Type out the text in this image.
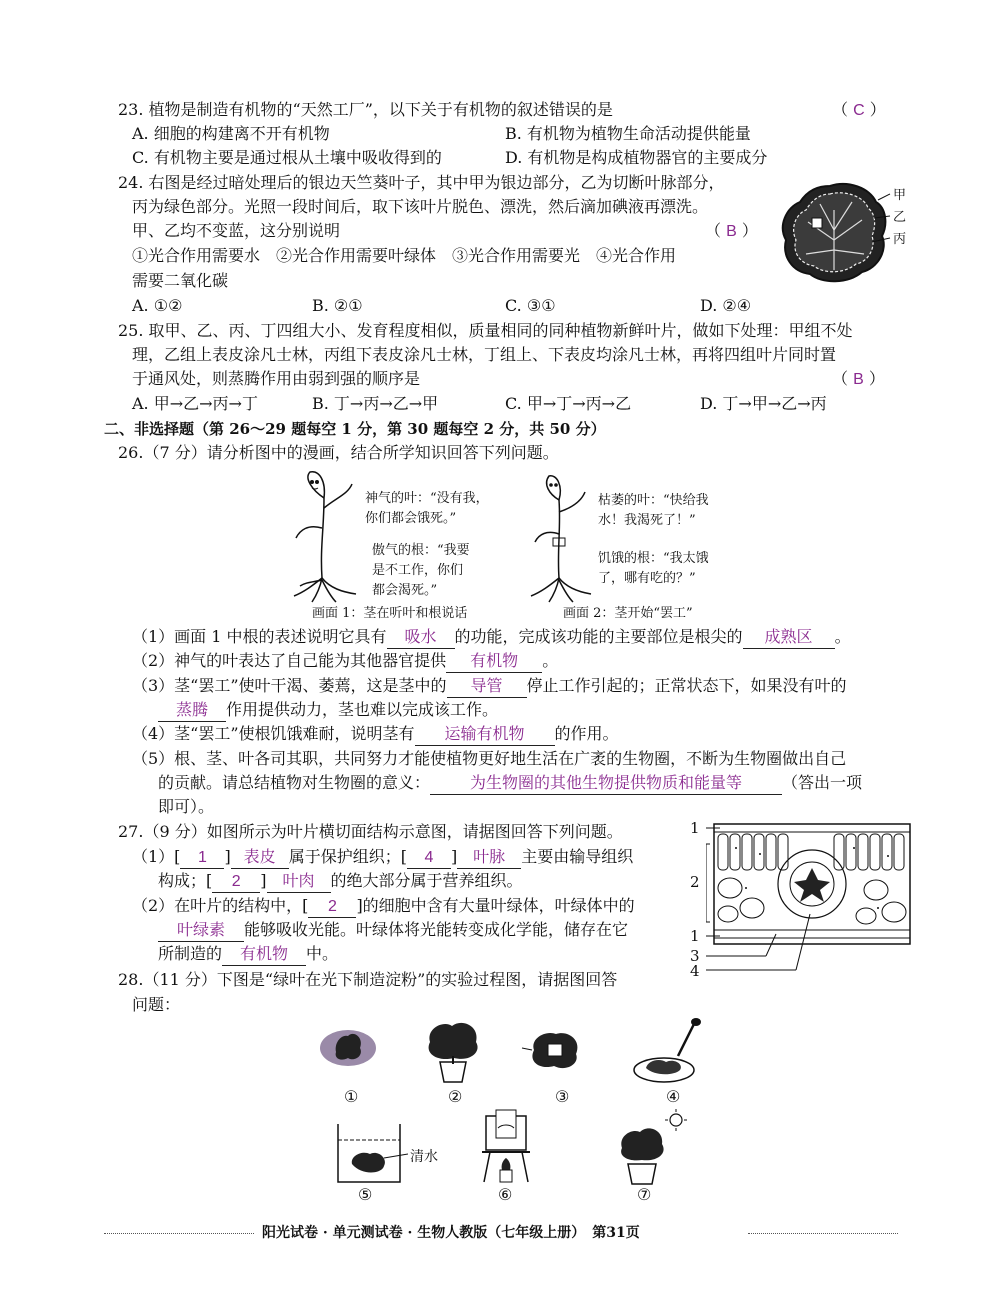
23. 植物是制造有机物的“天然工厂”，以下关于有机物的叙述错误的是	（ C ）
A. 细胞的构建离不开有机物	B. 有机物为植物生命活动提供能量
C. 有机物主要是通过根从土壤中吸收得到的	D. 有机物是构成植物器官的主要成分
24. 右图是经过暗处理后的银边天竺葵叶子，其中甲为银边部分，乙为切断叶脉部分，
丙为绿色部分。光照一段时间后，取下该叶片脱色、漂洗，然后滴加碘液再漂洗。
甲、乙均不变蓝，这分别说明	（ B ）
①光合作用需要水　②光合作用需要叶绿体　③光合作用需要光　④光合作用
需要二氧化碳
A. ①②	B. ②①	C. ③①	D. ②④
甲
乙
丙
25. 取甲、乙、丙、丁四组大小、发育程度相似，质量相同的同种植物新鲜叶片，做如下处理：甲组不处
理，乙组上表皮涂凡士林，丙组下表皮涂凡士林，丁组上、下表皮均涂凡士林，再将四组叶片同时置
于通风处，则蒸腾作用由弱到强的顺序是	（ B ）
A. 甲→乙→丙→丁	B. 丁→丙→乙→甲	C. 甲→丁→丙→乙	D. 丁→甲→乙→丙
二、非选择题（第 26～29 题每空 1 分，第 30 题每空 2 分，共 50 分）
26.（7 分）请分析图中的漫画，结合所学知识回答下列问题。
神气的叶：“没有我，
你们都会饿死。”
傲气的根：“我要
是不工作，你们
都会渴死。”
枯萎的叶：“快给我
水！我渴死了！”
饥饿的根：“我太饿
了，哪有吃的？”
画面 1：茎在听叶和根说话	画面 2：茎开始“罢工”
（1）画面 1 中根的表述说明它具有 吸水 的功能，完成该功能的主要部位是根尖的 成熟区 。
（2）神气的叶表达了自己能为其他器官提供 有机物 。
（3）茎“罢工”使叶干渴、萎蔫，这是茎中的 导管 停止工作引起的；正常状态下，如果没有叶的
蒸腾 作用提供动力，茎也难以完成该工作。
（4）茎“罢工”使根饥饿难耐，说明茎有 运输有机物 的作用。
（5）根、茎、叶各司其职，共同努力才能使植物更好地生活在广袤的生物圈，不断为生物圈做出自己
的贡献。请总结植物对生物圈的意义： 为生物圈的其他生物提供物质和能量等	（答出一项
即可）。
27.（9 分）如图所示为叶片横切面结构示意图，请据图回答下列问题。
（1）[ 1 ] 表皮 属于保护组织；[ 4 ] 叶脉 主要由输导组织
构成；[ 2 ] 叶肉 的绝大部分属于营养组织。
（2）在叶片的结构中，[ 2 ]的细胞中含有大量叶绿体，叶绿体中的
叶绿素 能够吸收光能。叶绿体将光能转变成化学能，储存在它
所制造的 有机物 中。
1
2
1
3
4
28.（11 分）下图是“绿叶在光下制造淀粉”的实验过程图，请据图回答
问题：
①	②	③	④
清水
⑤	⑥	⑦
阳光试卷 · 单元测试卷 · 生物人教版（七年级上册）　第31页
